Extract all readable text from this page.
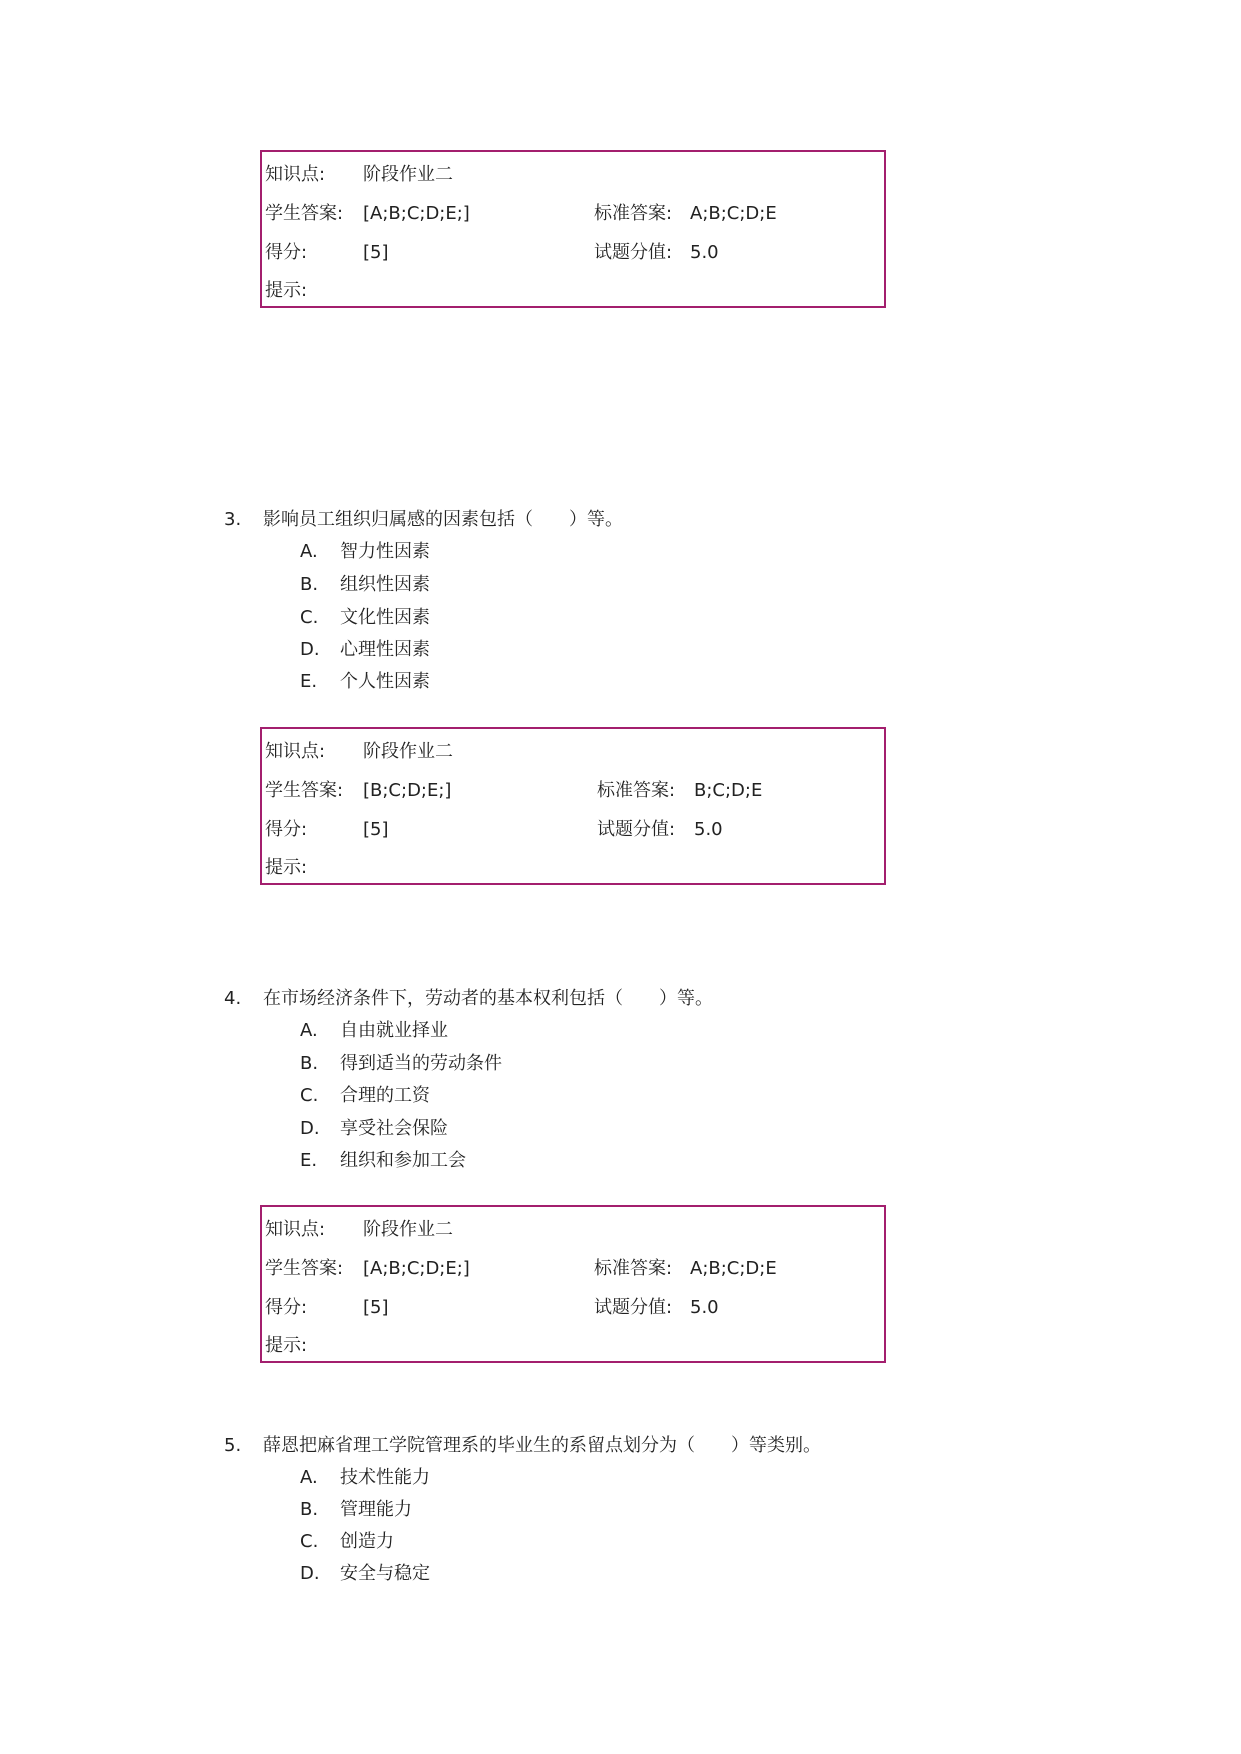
知识点: 阶段作业二
学生答案: [A;B;C;D;E;]	标准答案: A;B;C;D;E
得分:	[5]	试题分值: 5.0
提示:
3. 影响员工组织归属感的因素包括（　　）等。
A. 智力性因素
B. 组织性因素
C. 文化性因素
D. 心理性因素
E. 个人性因素
知识点: 阶段作业二
学生答案: [B;C;D;E;]	标准答案: B;C;D;E
得分:	[5]	试题分值: 5.0
提示:
4. 在市场经济条件下，劳动者的基本权利包括（　　）等。
A. 自由就业择业
B. 得到适当的劳动条件
C. 合理的工资
D. 享受社会保险
E. 组织和参加工会
知识点: 阶段作业二
学生答案: [A;B;C;D;E;]	标准答案: A;B;C;D;E
得分:	[5]	试题分值: 5.0
提示:
5. 薛恩把麻省理工学院管理系的毕业生的系留点划分为（　　）等类别。
A. 技术性能力
B. 管理能力
C. 创造力
D. 安全与稳定
